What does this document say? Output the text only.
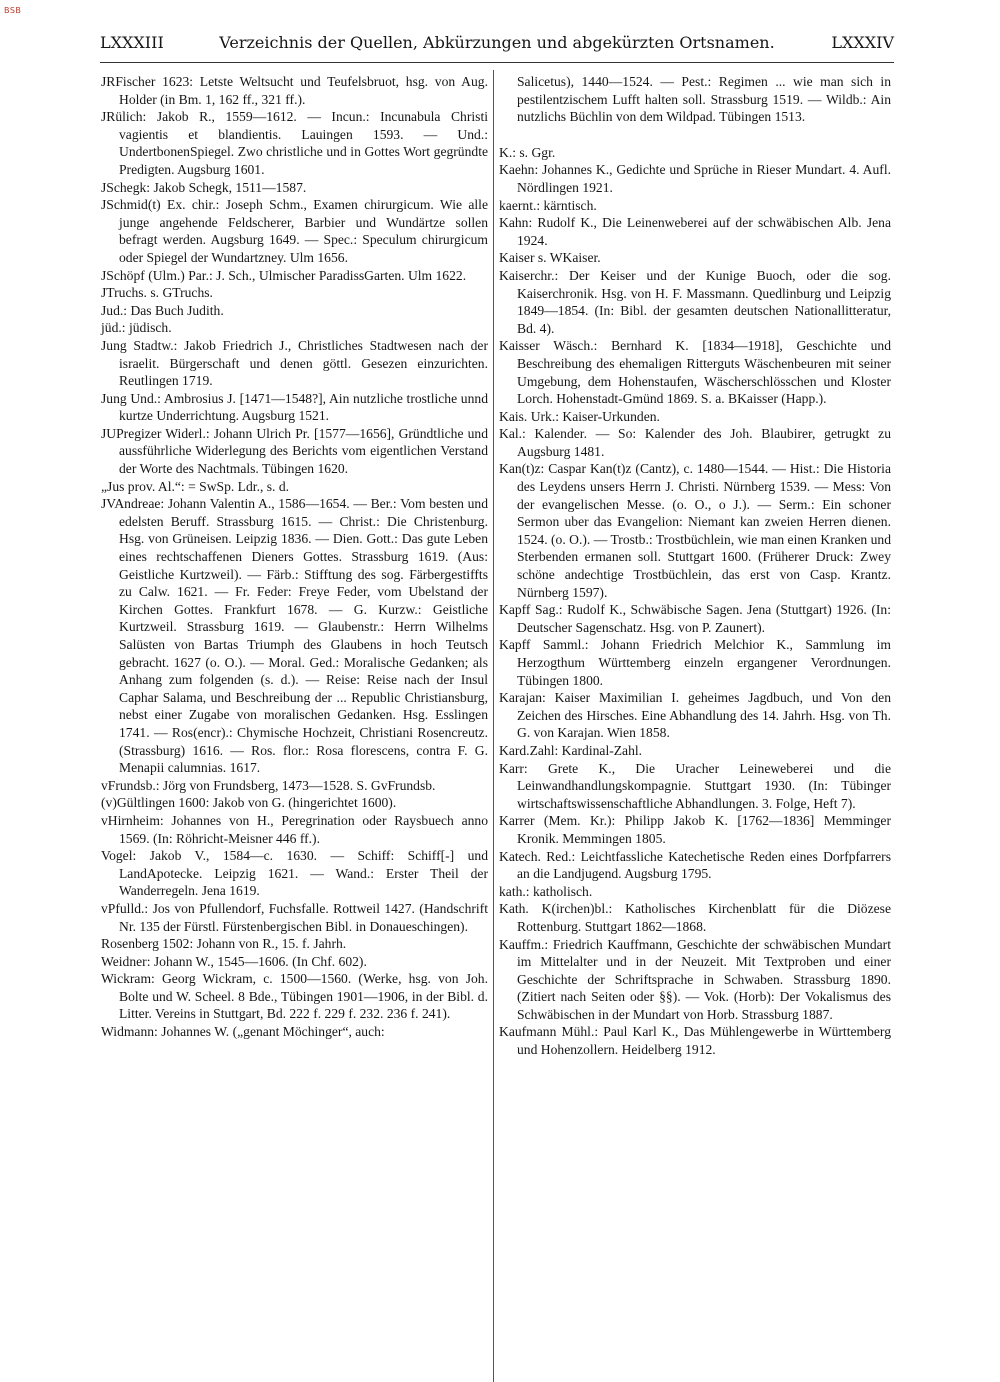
BSB
LXXXIII	Verzeichnis der Quellen, Abkürzungen und abgekürzten Ortsnamen.	LXXXIV

JRFischer 1623: Letste Weltsucht und Teufelsbruot, hsg. von Aug. Holder (in Bm. 1, 162 ff., 321 ff.).

JRülich: Jakob R., 1559—1612. — Incun.: Incunabula Christi vagientis et blandientis. Lauingen 1593. — Und.: UndertbonenSpiegel. Zwo christliche und in Gottes Wort gegründte Predigten. Augsburg 1601.

JSchegk: Jakob Schegk, 1511—1587.

JSchmid(t) Ex. chir.: Joseph Schm., Examen chirurgicum. Wie alle junge angehende Feldscherer, Barbier und Wundärtze sollen befragt werden. Augsburg 1649. — Spec.: Speculum chirurgicum oder Spiegel der Wundartzney. Ulm 1656.

JSchöpf (Ulm.) Par.: J. Sch., Ulmischer ParadissGarten. Ulm 1622.

JTruchs. s. GTruchs.

Jud.: Das Buch Judith.

jüd.: jüdisch.

Jung Stadtw.: Jakob Friedrich J., Christliches Stadtwesen nach der israelit. Bürgerschaft und denen göttl. Gesezen einzurichten. Reutlingen 1719.

Jung Und.: Ambrosius J. [1471—1548?], Ain nutzliche trostliche unnd kurtze Underrichtung. Augsburg 1521.

JUPregizer Widerl.: Johann Ulrich Pr. [1577—1656], Gründtliche und aussführliche Widerlegung des Berichts vom eigentlichen Verstand der Worte des Nachtmals. Tübingen 1620.

„Jus prov. Al.“: = SwSp. Ldr., s. d.

JVAndreae: Johann Valentin A., 1586—1654. — Ber.: Vom besten und edelsten Beruff. Strassburg 1615. — Christ.: Die Christenburg. Hsg. von Grüneisen. Leipzig 1836. — Dien. Gott.: Das gute Leben eines rechtschaffenen Dieners Gottes. Strassburg 1619. (Aus: Geistliche Kurtzweil). — Färb.: Stifftung des sog. Färbergestiffts zu Calw. 1621. — Fr. Feder: Freye Feder, vom Ubelstand der Kirchen Gottes. Frankfurt 1678. — G. Kurzw.: Geistliche Kurtzweil. Strassburg 1619. — Glaubenstr.: Herrn Wilhelms Salüsten von Bartas Triumph des Glaubens in hoch Teutsch gebracht. 1627 (o. O.). — Moral. Ged.: Moralische Gedanken; als Anhang zum folgenden (s. d.). — Reise: Reise nach der Insul Caphar Salama, und Beschreibung der ... Republic Christiansburg, nebst einer Zugabe von moralischen Gedanken. Hsg. Esslingen 1741. — Ros(encr).: Chymische Hochzeit, Christiani Rosencreutz. (Strassburg) 1616. — Ros. flor.: Rosa florescens, contra F. G. Menapii calumnias. 1617.

vFrundsb.: Jörg von Frundsberg, 1473—1528. S. GvFrundsb.

(v)Gültlingen 1600: Jakob von G. (hingerichtet 1600).

vHirnheim: Johannes von H., Peregrination oder Raysbuech anno 1569. (In: Röhricht-Meisner 446 ff.).

Vogel: Jakob V., 1584—c. 1630. — Schiff: Schiff[-] und LandApotecke. Leipzig 1621. — Wand.: Erster Theil der Wanderregeln. Jena 1619.

vPfulld.: Jos von Pfullendorf, Fuchsfalle. Rottweil 1427. (Handschrift Nr. 135 der Fürstl. Fürstenbergischen Bibl. in Donaueschingen).

Rosenberg 1502: Johann von R., 15. f. Jahrh.

Weidner: Johann W., 1545—1606. (In Chf. 602).

Wickram: Georg Wickram, c. 1500—1560. (Werke, hsg. von Joh. Bolte und W. Scheel. 8 Bde., Tübingen 1901—1906, in der Bibl. d. Litter. Vereins in Stuttgart, Bd. 222 f. 229 f. 232. 236 f. 241).

Widmann: Johannes W. („genant Möchinger“, auch:

Salicetus), 1440—1524. — Pest.: Regimen ... wie man sich in pestilentzischem Lufft halten soll. Strassburg 1519. — Wildb.: Ain nutzlichs Büchlin von dem Wildpad. Tübingen 1513.

K.: s. Ggr.

Kaehn: Johannes K., Gedichte und Sprüche in Rieser Mundart. 4. Aufl. Nördlingen 1921.

kaernt.: kärntisch.

Kahn: Rudolf K., Die Leinenweberei auf der schwäbischen Alb. Jena 1924.

Kaiser s. WKaiser.

Kaiserchr.: Der Keiser und der Kunige Buoch, oder die sog. Kaiserchronik. Hsg. von H. F. Massmann. Quedlinburg und Leipzig 1849—1854. (In: Bibl. der gesamten deutschen Nationallitteratur, Bd. 4).

Kaisser Wäsch.: Bernhard K. [1834—1918], Geschichte und Beschreibung des ehemaligen Ritterguts Wäschenbeuren mit seiner Umgebung, dem Hohenstaufen, Wäscherschlösschen und Kloster Lorch. Hohenstadt-Gmünd 1869. S. a. BKaisser (Happ.).

Kais. Urk.: Kaiser-Urkunden.

Kal.: Kalender. — So: Kalender des Joh. Blaubirer, getrugkt zu Augsburg 1481.

Kan(t)z: Caspar Kan(t)z (Cantz), c. 1480—1544. — Hist.: Die Historia des Leydens unsers Herrn J. Christi. Nürnberg 1539. — Mess: Von der evangelischen Messe. (o. O., o J.). — Serm.: Ein schoner Sermon uber das Evangelion: Niemant kan zweien Herren dienen. 1524. (o. O.). — Trostb.: Trostbüchlein, wie man einen Kranken und Sterbenden ermanen soll. Stuttgart 1600. (Früherer Druck: Zwey schöne andechtige Trostbüchlein, das erst von Casp. Krantz. Nürnberg 1597).

Kapff Sag.: Rudolf K., Schwäbische Sagen. Jena (Stuttgart) 1926. (In: Deutscher Sagenschatz. Hsg. von P. Zaunert).

Kapff Samml.: Johann Friedrich Melchior K., Sammlung im Herzogthum Württemberg einzeln ergangener Verordnungen. Tübingen 1800.

Karajan: Kaiser Maximilian I. geheimes Jagdbuch, und Von den Zeichen des Hirsches. Eine Abhandlung des 14. Jahrh. Hsg. von Th. G. von Karajan. Wien 1858.

Kard.Zahl: Kardinal-Zahl.

Karr: Grete K., Die Uracher Leineweberei und die Leinwandhandlungskompagnie. Stuttgart 1930. (In: Tübinger wirtschaftswissenschaftliche Abhandlungen. 3. Folge, Heft 7).

Karrer (Mem. Kr.): Philipp Jakob K. [1762—1836] Memminger Kronik. Memmingen 1805.

Katech. Red.: Leichtfassliche Katechetische Reden eines Dorfpfarrers an die Landjugend. Augsburg 1795.

kath.: katholisch.

Kath. K(irchen)bl.: Katholisches Kirchenblatt für die Diözese Rottenburg. Stuttgart 1862—1868.

Kauffm.: Friedrich Kauffmann, Geschichte der schwäbischen Mundart im Mittelalter und in der Neuzeit. Mit Textproben und einer Geschichte der Schriftsprache in Schwaben. Strassburg 1890. (Zitiert nach Seiten oder §§). — Vok. (Horb): Der Vokalismus des Schwäbischen in der Mundart von Horb. Strassburg 1887.

Kaufmann Mühl.: Paul Karl K., Das Mühlengewerbe in Württemberg und Hohenzollern. Heidelberg 1912.
